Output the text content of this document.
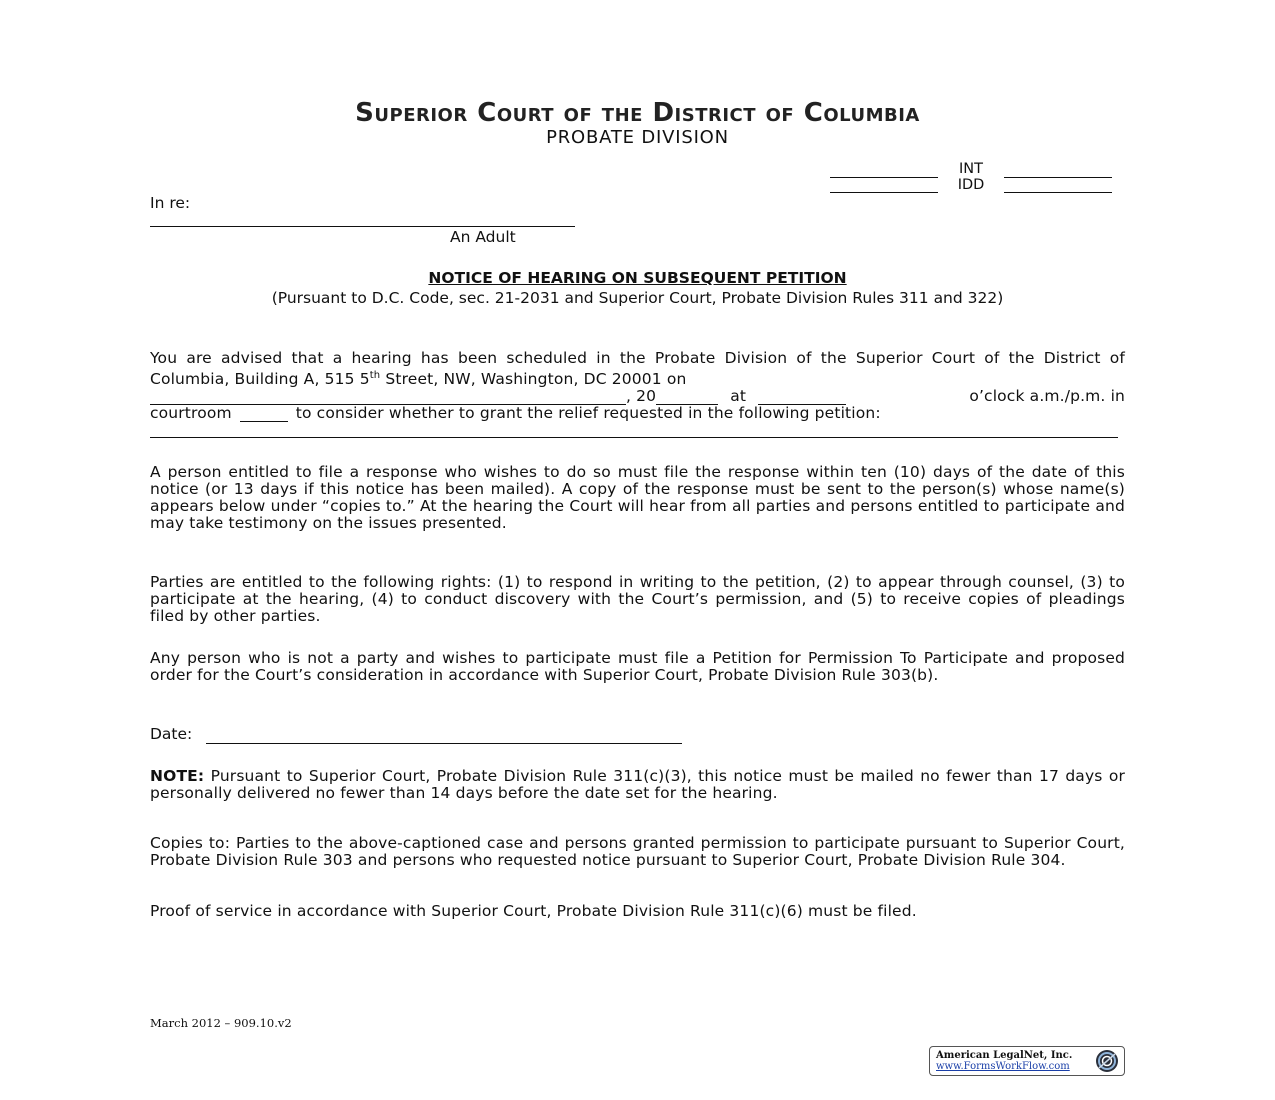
Superior Court of the District of Columbia
PROBATE DIVISION
INT
IDD
In re:
An Adult
NOTICE OF HEARING ON SUBSEQUENT PETITION
(Pursuant to D.C. Code, sec. 21-2031 and Superior Court, Probate Division Rules 311 and 322)

You are advised that a hearing has been scheduled in the Probate Division of the Superior Court of the District of Columbia, Building A, 515 5th Street, NW, Washington, DC 20001 on

, 20	at	o’clock a.m./p.m. in

courtroom	to consider whether to grant the relief requested in the following petition:

A person entitled to file a response who wishes to do so must file the response within ten (10) days of the date of this notice (or 13 days if this notice has been mailed). A copy of the response must be sent to the person(s) whose name(s) appears below under “copies to.” At the hearing the Court will hear from all parties and persons entitled to participate and may take testimony on the issues presented.
Parties are entitled to the following rights: (1) to respond in writing to the petition, (2) to appear through counsel, (3) to participate at the hearing, (4) to conduct discovery with the Court’s permission, and (5) to receive copies of pleadings filed by other parties.
Any person who is not a party and wishes to participate must file a Petition for Permission To Participate and proposed order for the Court’s consideration in accordance with Superior Court, Probate Division Rule 303(b).
Date:
NOTE: Pursuant to Superior Court, Probate Division Rule 311(c)(3), this notice must be mailed no fewer than 17 days or personally delivered no fewer than 14 days before the date set for the hearing.
Copies to: Parties to the above-captioned case and persons granted permission to participate pursuant to Superior Court, Probate Division Rule 303 and persons who requested notice pursuant to Superior Court, Probate Division Rule 304.
Proof of service in accordance with Superior Court, Probate Division Rule 311(c)(6) must be filed.
March 2012 – 909.10.v2
American LegalNet, Inc.
www.FormsWorkFlow.com
